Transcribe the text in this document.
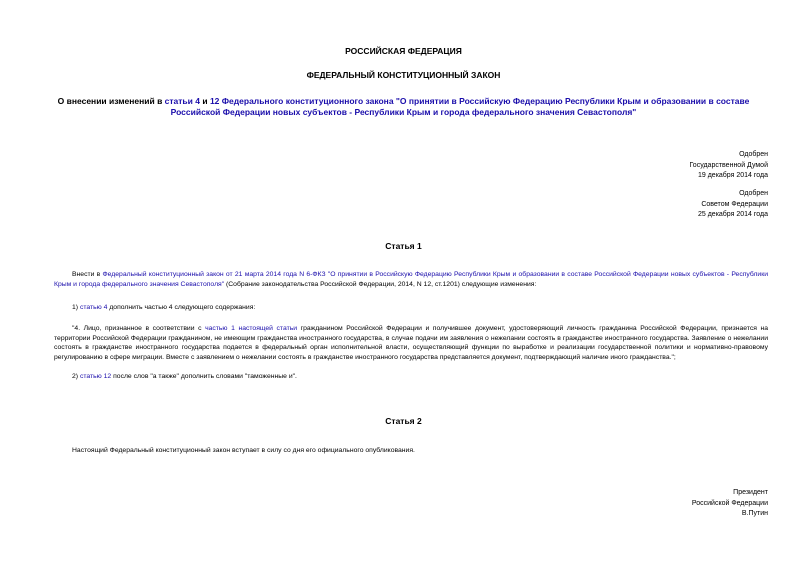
РОССИЙСКАЯ ФЕДЕРАЦИЯ
ФЕДЕРАЛЬНЫЙ КОНСТИТУЦИОННЫЙ ЗАКОН
О внесении изменений в статьи 4 и 12 Федерального конституционного закона "О принятии в Российскую Федерацию Республики Крым и образовании в составе Российской Федерации новых субъектов - Республики Крым и города федерального значения Севастополя"
Одобрен
Государственной Думой
19 декабря 2014 года
Одобрен
Советом Федерации
25 декабря 2014 года
Статья 1
Внести в Федеральный конституционный закон от 21 марта 2014 года N 6-ФКЗ "О принятии в Российскую Федерацию Республики Крым и образовании в составе Российской Федерации новых субъектов - Республики Крым и города федерального значения Севастополя" (Собрание законодательства Российской Федерации, 2014, N 12, ст.1201) следующие изменения:
1) статью 4 дополнить частью 4 следующего содержания:
"4. Лицо, признанное в соответствии с частью 1 настоящей статьи гражданином Российской Федерации и получившее документ, удостоверяющий личность гражданина Российской Федерации, признается на территории Российской Федерации гражданином, не имеющим гражданства иностранного государства, в случае подачи им заявления о нежелании состоять в гражданстве иностранного государства. Заявление о нежелании состоять в гражданстве иностранного государства подается в федеральный орган исполнительной власти, осуществляющий функции по выработке и реализации государственной политики и нормативно-правовому регулированию в сфере миграции. Вместе с заявлением о нежелании состоять в гражданстве иностранного государства представляется документ, подтверждающий наличие иного гражданства.";
2) статью 12 после слов "а также" дополнить словами "таможенные и".
Статья 2
Настоящий Федеральный конституционный закон вступает в силу со дня его официального опубликования.
Президент
Российской Федерации
В.Путин
